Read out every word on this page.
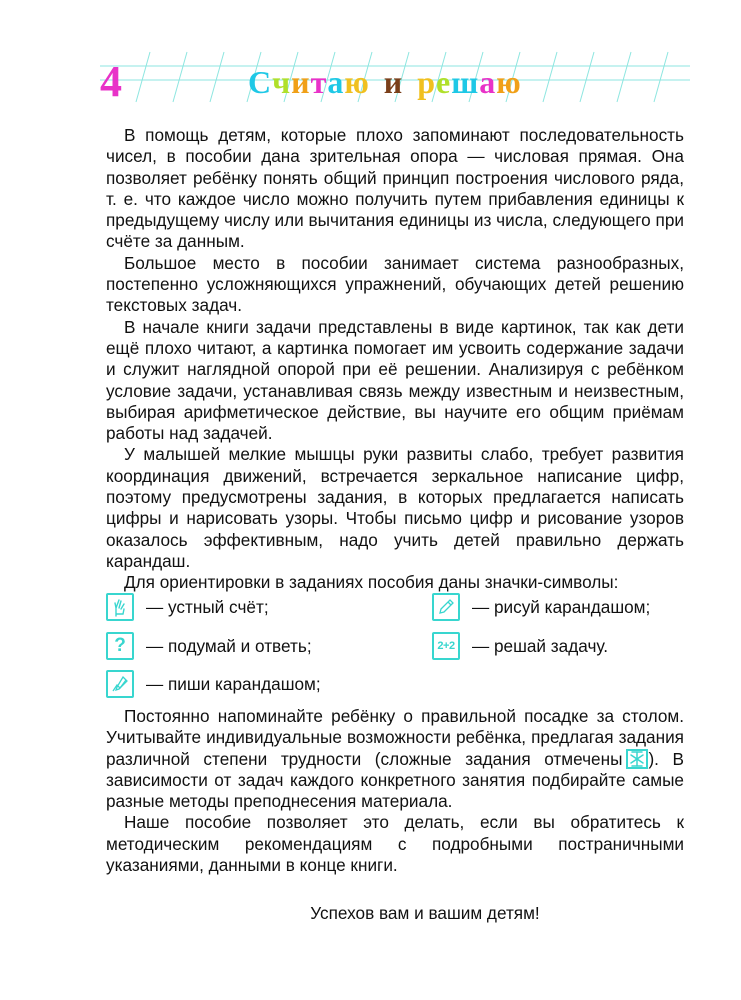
4	Считаю и решаю

В помощь детям, которые плохо запоминают последовательность чисел, в пособии дана зрительная опора — числовая прямая. Она позволяет ребёнку понять общий принцип построения числового ряда, т. е. что каждое число можно получить путем прибавления единицы к предыдущему числу или вычитания единицы из числа, следующего при счёте за данным.

Большое место в пособии занимает система разнообразных, постепенно усложняющихся упражнений, обучающих детей решению текстовых задач.

В начале книги задачи представлены в виде картинок, так как дети ещё плохо читают, а картинка помогает им усвоить содержание задачи и служит наглядной опорой при её решении. Анализируя с ребёнком условие задачи, устанавливая связь между известным и неизвестным, выбирая арифметическое действие, вы научите его общим приёмам работы над задачей.

У малышей мелкие мышцы руки развиты слабо, требует развития координация движений, встречается зеркальное написание цифр, поэтому предусмотрены задания, в которых предлагается написать цифры и нарисовать узоры. Чтобы письмо цифр и рисование узоров оказалось эффективным, надо учить детей правильно держать карандаш.

Для ориентировки в заданиях пособия даны значки-символы:

— устный счёт;
? — подумай и ответь;
— пиши карандашом;
— рисуй карандашом;
2+2 — решай задачу.

Постоянно напоминайте ребёнку о правильной посадке за столом. Учитывайте индивидуальные возможности ребёнка, предлагая задания различной степени трудности (сложные задания отмечены ). В зависимости от задач каждого конкретного занятия подбирайте самые разные методы преподнесения материала.

Наше пособие позволяет это делать, если вы обратитесь к методическим рекомендациям с подробными постраничными указаниями, данными в конце книги.

Успехов вам и вашим детям!
